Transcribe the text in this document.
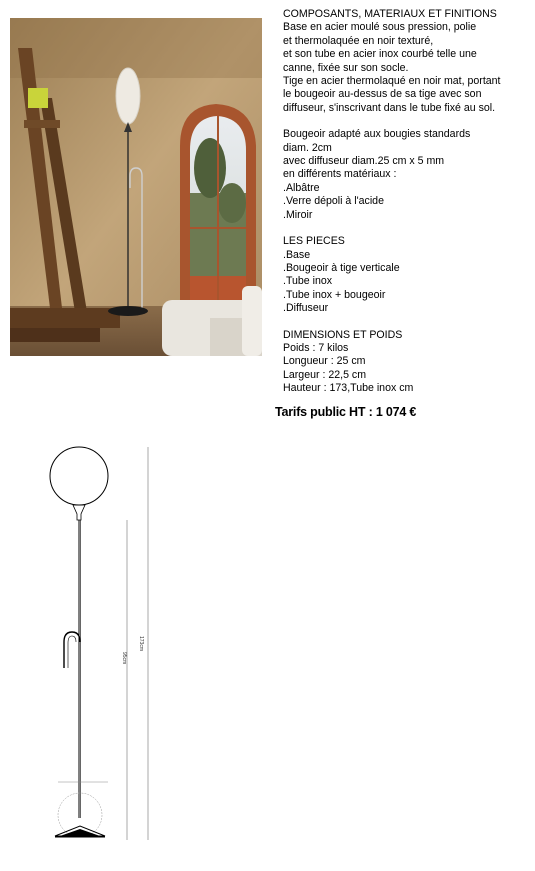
COMPOSANTS, MATERIAUX ET FINITIONS

Base en acier moulé sous pression, polie

et thermolaquée en noir texturé,

et son tube en acier inox courbé telle une

canne, fixée sur son socle.

Tige en acier thermolaqué en noir mat, portant

le bougeoir au-dessus de sa tige avec son

diffuseur, s'inscrivant dans le tube fixé au sol.

Bougeoir adapté aux bougies standards

diam. 2cm

avec diffuseur diam.25 cm x 5 mm

en différents matériaux :

.Albâtre

.Verre dépoli à l'acide

.Miroir

LES PIECES

.Base

.Bougeoir à tige verticale

.Tube inox

.Tube inox + bougeoir

.Diffuseur

DIMENSIONS ET POIDS

Poids : 7 kilos

Longueur : 25 cm

Largeur : 22,5 cm

Hauteur : 173,Tube inox cm

Tarifs public HT : 1 074 €
95cm
173cm
